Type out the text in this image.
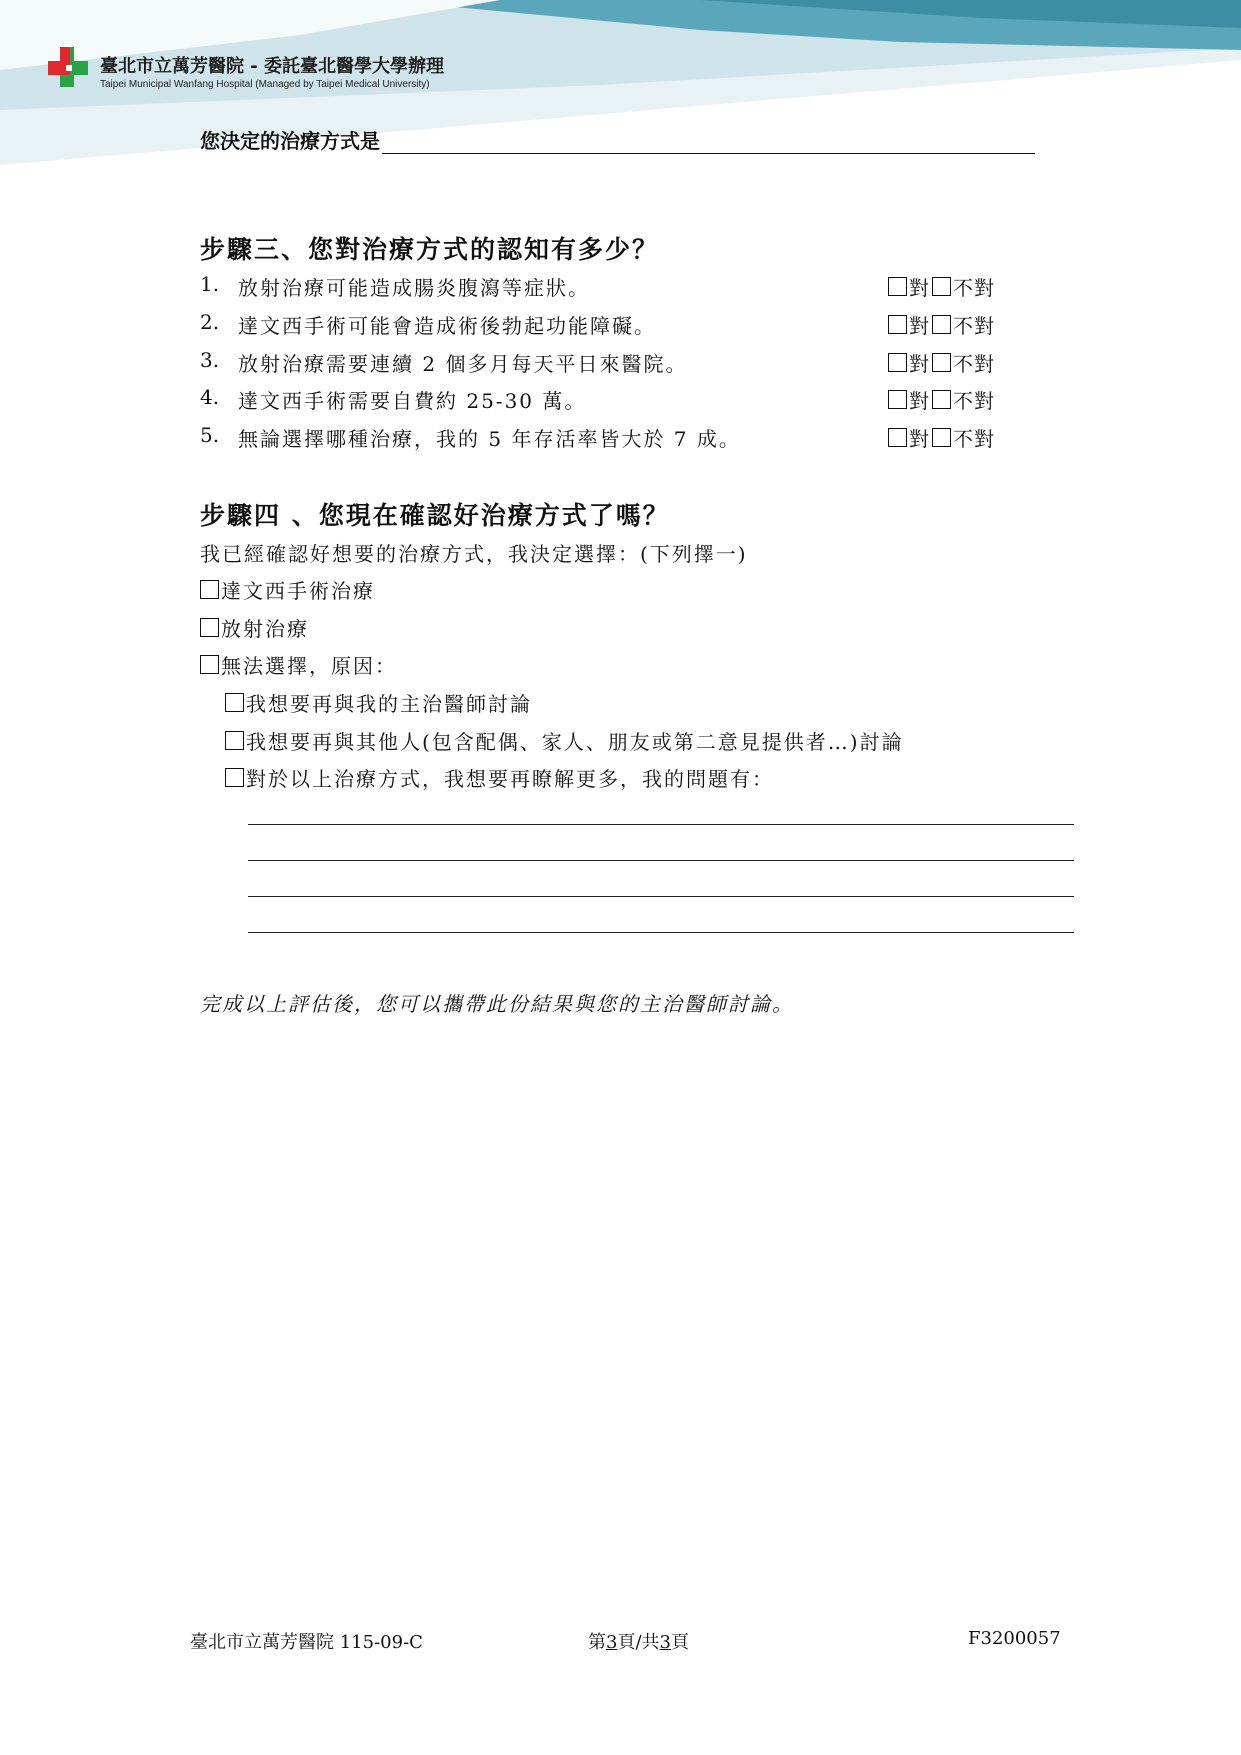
臺北市立萬芳醫院 - 委託臺北醫學大學辦理
Taipei Municipal Wanfang Hospital (Managed by Taipei Medical University)
您決定的治療方式是
步驟三、您對治療方式的認知有多少？
1. 放射治療可能造成腸炎腹瀉等症狀。	對 不對
2. 達文西手術可能會造成術後勃起功能障礙。	對 不對
3. 放射治療需要連續 2 個多月每天平日來醫院。	對 不對
4. 達文西手術需要自費約 25-30 萬。	對 不對
5. 無論選擇哪種治療，我的 5 年存活率皆大於 7 成。	對 不對
步驟四 、您現在確認好治療方式了嗎？
我已經確認好想要的治療方式，我決定選擇：(下列擇一)
達文西手術治療
放射治療
無法選擇，原因：
我想要再與我的主治醫師討論
我想要再與其他人(包含配偶、家人、朋友或第二意見提供者…)討論
對於以上治療方式，我想要再瞭解更多，我的問題有：
完成以上評估後，您可以攜帶此份結果與您的主治醫師討論。
臺北市立萬芳醫院 115-09-C	第3頁/共3頁	F3200057
